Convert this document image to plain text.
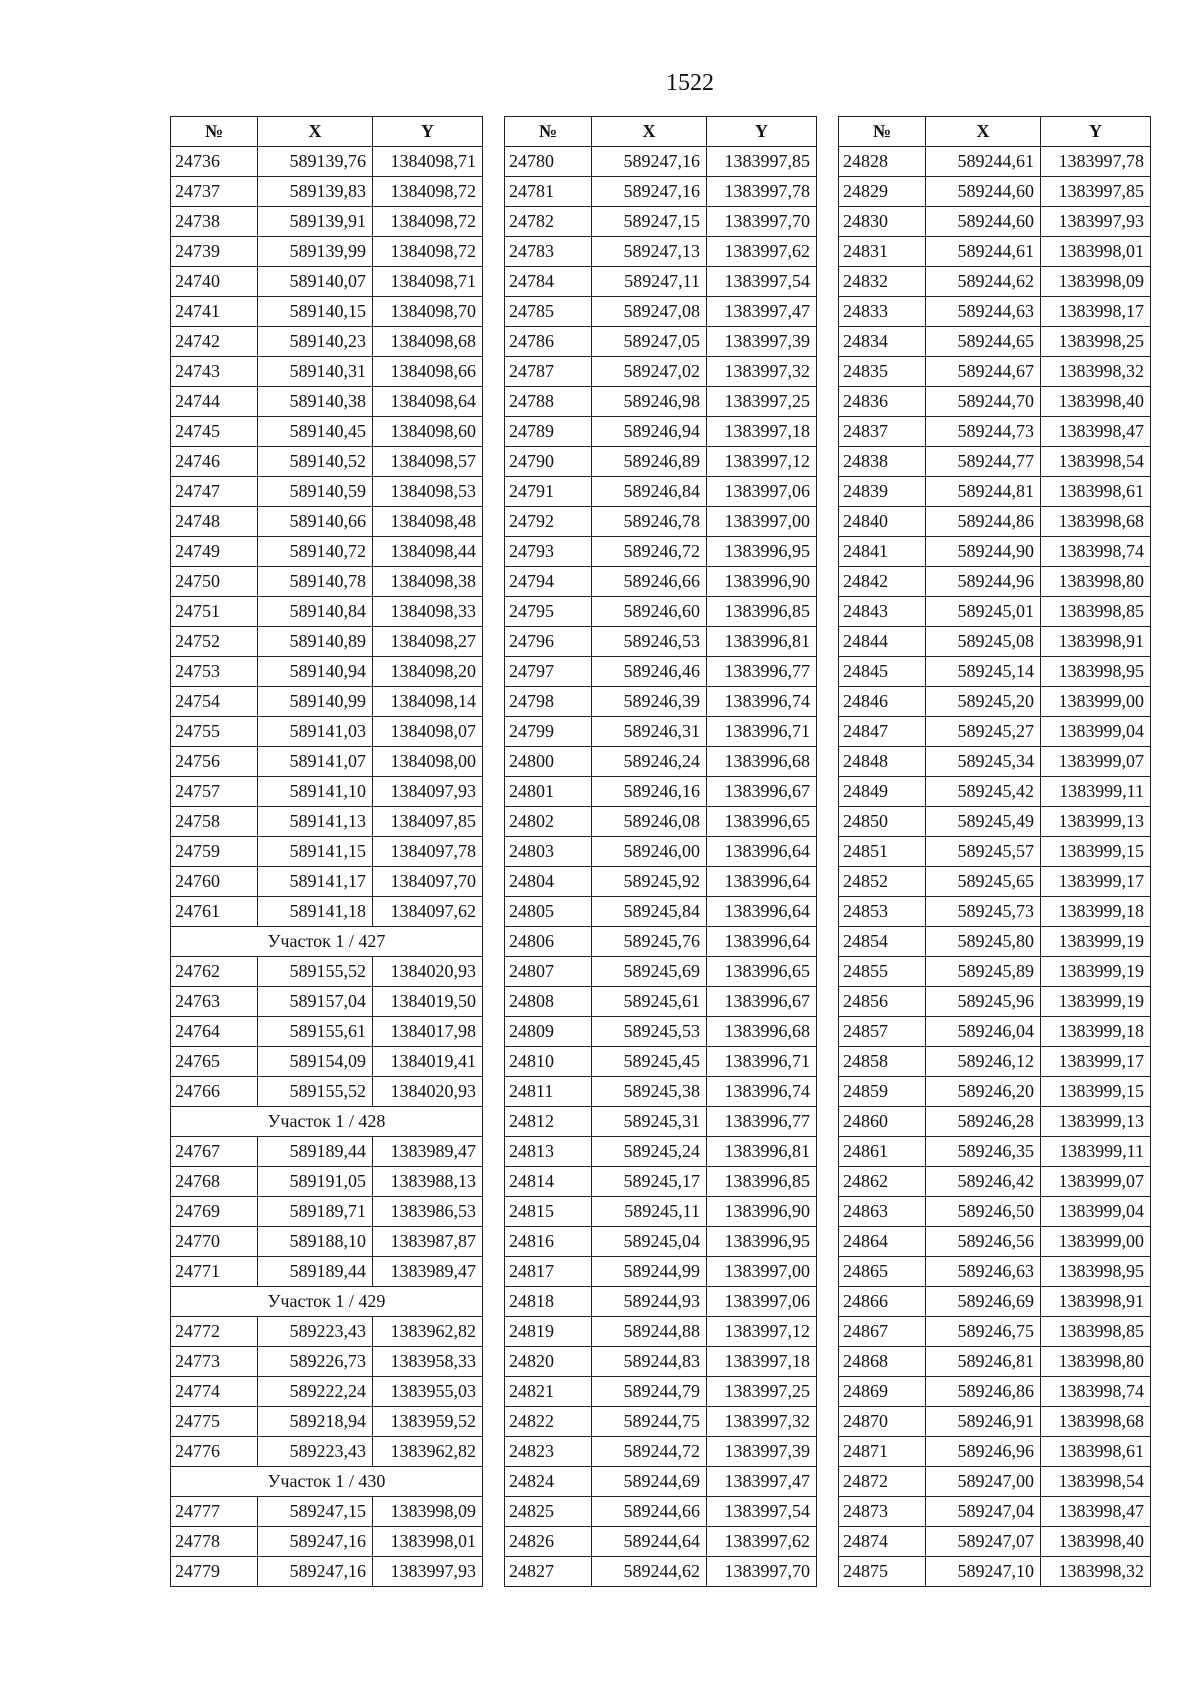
1522
№	X	Y
24736	589139,76	1384098,71
24737	589139,83	1384098,72
24738	589139,91	1384098,72
24739	589139,99	1384098,72
24740	589140,07	1384098,71
24741	589140,15	1384098,70
24742	589140,23	1384098,68
24743	589140,31	1384098,66
24744	589140,38	1384098,64
24745	589140,45	1384098,60
24746	589140,52	1384098,57
24747	589140,59	1384098,53
24748	589140,66	1384098,48
24749	589140,72	1384098,44
24750	589140,78	1384098,38
24751	589140,84	1384098,33
24752	589140,89	1384098,27
24753	589140,94	1384098,20
24754	589140,99	1384098,14
24755	589141,03	1384098,07
24756	589141,07	1384098,00
24757	589141,10	1384097,93
24758	589141,13	1384097,85
24759	589141,15	1384097,78
24760	589141,17	1384097,70
24761	589141,18	1384097,62
Участок 1 / 427		
24762	589155,52	1384020,93
24763	589157,04	1384019,50
24764	589155,61	1384017,98
24765	589154,09	1384019,41
24766	589155,52	1384020,93
Участок 1 / 428		
24767	589189,44	1383989,47
24768	589191,05	1383988,13
24769	589189,71	1383986,53
24770	589188,10	1383987,87
24771	589189,44	1383989,47
Участок 1 / 429		
24772	589223,43	1383962,82
24773	589226,73	1383958,33
24774	589222,24	1383955,03
24775	589218,94	1383959,52
24776	589223,43	1383962,82
Участок 1 / 430		
24777	589247,15	1383998,09
24778	589247,16	1383998,01
24779	589247,16	1383997,93
№	X	Y
24780	589247,16	1383997,85
24781	589247,16	1383997,78
24782	589247,15	1383997,70
24783	589247,13	1383997,62
24784	589247,11	1383997,54
24785	589247,08	1383997,47
24786	589247,05	1383997,39
24787	589247,02	1383997,32
24788	589246,98	1383997,25
24789	589246,94	1383997,18
24790	589246,89	1383997,12
24791	589246,84	1383997,06
24792	589246,78	1383997,00
24793	589246,72	1383996,95
24794	589246,66	1383996,90
24795	589246,60	1383996,85
24796	589246,53	1383996,81
24797	589246,46	1383996,77
24798	589246,39	1383996,74
24799	589246,31	1383996,71
24800	589246,24	1383996,68
24801	589246,16	1383996,67
24802	589246,08	1383996,65
24803	589246,00	1383996,64
24804	589245,92	1383996,64
24805	589245,84	1383996,64
24806	589245,76	1383996,64
24807	589245,69	1383996,65
24808	589245,61	1383996,67
24809	589245,53	1383996,68
24810	589245,45	1383996,71
24811	589245,38	1383996,74
24812	589245,31	1383996,77
24813	589245,24	1383996,81
24814	589245,17	1383996,85
24815	589245,11	1383996,90
24816	589245,04	1383996,95
24817	589244,99	1383997,00
24818	589244,93	1383997,06
24819	589244,88	1383997,12
24820	589244,83	1383997,18
24821	589244,79	1383997,25
24822	589244,75	1383997,32
24823	589244,72	1383997,39
24824	589244,69	1383997,47
24825	589244,66	1383997,54
24826	589244,64	1383997,62
24827	589244,62	1383997,70
№	X	Y
24828	589244,61	1383997,78
24829	589244,60	1383997,85
24830	589244,60	1383997,93
24831	589244,61	1383998,01
24832	589244,62	1383998,09
24833	589244,63	1383998,17
24834	589244,65	1383998,25
24835	589244,67	1383998,32
24836	589244,70	1383998,40
24837	589244,73	1383998,47
24838	589244,77	1383998,54
24839	589244,81	1383998,61
24840	589244,86	1383998,68
24841	589244,90	1383998,74
24842	589244,96	1383998,80
24843	589245,01	1383998,85
24844	589245,08	1383998,91
24845	589245,14	1383998,95
24846	589245,20	1383999,00
24847	589245,27	1383999,04
24848	589245,34	1383999,07
24849	589245,42	1383999,11
24850	589245,49	1383999,13
24851	589245,57	1383999,15
24852	589245,65	1383999,17
24853	589245,73	1383999,18
24854	589245,80	1383999,19
24855	589245,89	1383999,19
24856	589245,96	1383999,19
24857	589246,04	1383999,18
24858	589246,12	1383999,17
24859	589246,20	1383999,15
24860	589246,28	1383999,13
24861	589246,35	1383999,11
24862	589246,42	1383999,07
24863	589246,50	1383999,04
24864	589246,56	1383999,00
24865	589246,63	1383998,95
24866	589246,69	1383998,91
24867	589246,75	1383998,85
24868	589246,81	1383998,80
24869	589246,86	1383998,74
24870	589246,91	1383998,68
24871	589246,96	1383998,61
24872	589247,00	1383998,54
24873	589247,04	1383998,47
24874	589247,07	1383998,40
24875	589247,10	1383998,32
